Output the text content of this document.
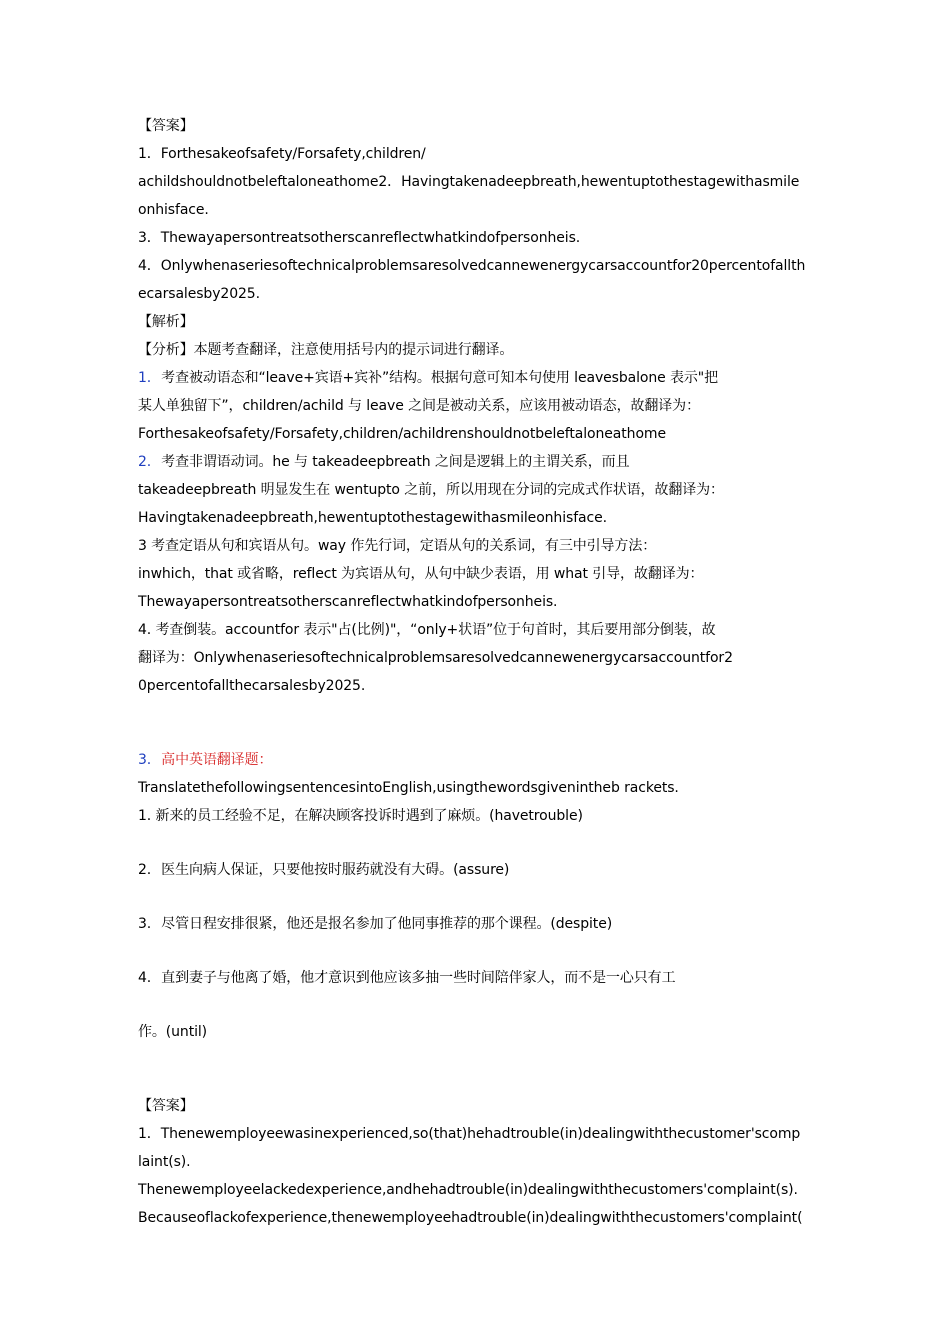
【答案】
1．Forthesakeofsafety/Forsafety,children/
achildshouldnotbeleftaloneathome2．Havingtakenadeepbreath,hewentuptothestagewithasmile
onhisface.
3．Thewayapersontreatsotherscanreflectwhatkindofpersonheis.
4．Onlywhenaseriesoftechnicalproblemsaresolvedcannewenergycarsaccountfor20percentofallth
ecarsalesby2025.
【解析】
【分析】本题考查翻译，注意使用括号内的提示词进行翻译。
1. 考查被动语态和“leave+宾语+宾补”结构。根据句意可知本句使用 leavesbalone 表示"把
某人单独留下”，children/achild 与 leave 之间是被动关系，应该用被动语态，故翻译为：
Forthesakeofsafety/Forsafety,children/achildrenshouldnotbeleftaloneathome
2. 考查非谓语动词。he 与 takeadeepbreath 之间是逻辑上的主谓关系，而且
takeadeepbreath 明显发生在 wentupto 之前，所以用现在分词的完成式作状语，故翻译为：
Havingtakenadeepbreath,hewentuptothestagewithasmileonhisface.
3 考查定语从句和宾语从句。way 作先行词，定语从句的关系词，有三中引导方法：
inwhich，that 或省略，reflect 为宾语从句，从句中缺少表语，用 what 引导，故翻译为：
Thewayapersontreatsotherscanreflectwhatkindofpersonheis.
4. 考查倒装。accountfor 表示"占(比例)"，“only+状语”位于句首时，其后要用部分倒装，故
翻译为：Onlywhenaseriesoftechnicalproblemsaresolvedcannewenergycarsaccountfor2
0percentofallthecarsalesby2025.
3. 高中英语翻译题：
TranslatethefollowingsentencesintoEnglish,usingthewordsgivenintheb rackets.
1. 新来的员工经验不足，在解决顾客投诉时遇到了麻烦。(havetrouble)
2. 医生向病人保证，只要他按时服药就没有大碍。(assure)
3. 尽管日程安排很紧，他还是报名参加了他同事推荐的那个课程。(despite)
4. 直到妻子与他离了婚，他才意识到他应该多抽一些时间陪伴家人，而不是一心只有工
作。(until)
【答案】
1．Thenewemployeewasinexperienced,so(that)hehadtrouble(in)dealingwiththecustomer'scomp
laint(s).
Thenewemployeelackedexperience,andhehadtrouble(in)dealingwiththecustomers'complaint(s).
Becauseoflackofexperience,thenewemployeehadtrouble(in)dealingwiththecustomers'complaint(
